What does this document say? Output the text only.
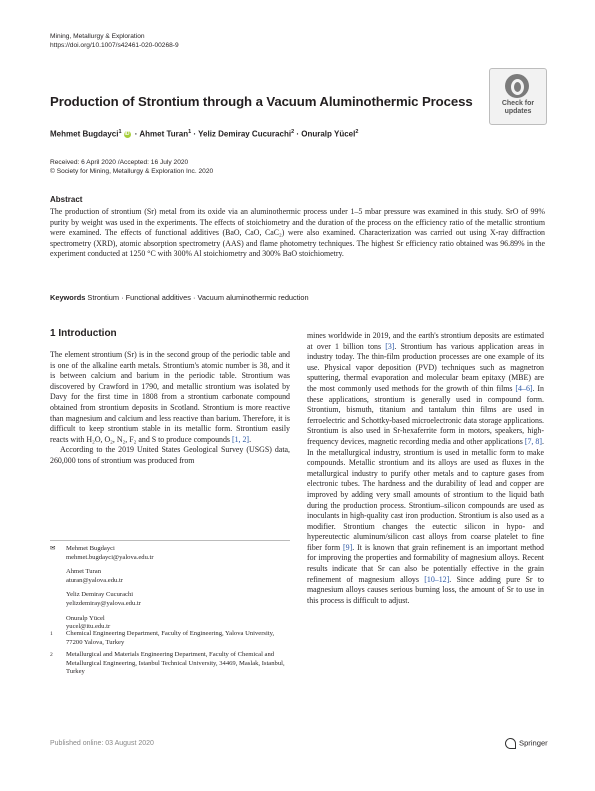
Mining, Metallurgy & Exploration
https://doi.org/10.1007/s42461-020-00268-9
Production of Strontium through a Vacuum Aluminothermic Process	Check for
updates
Mehmet Bugdayci$^1$ iD · Ahmet Turan$^1$ · Yeliz Demiray Cucurachi$^2$ · Onuralp Yücel$^2$
Received: 6 April 2020 /Accepted: 16 July 2020
© Society for Mining, Metallurgy & Exploration Inc. 2020
Abstract
The production of strontium (Sr) metal from its oxide via an aluminothermic process under 1–5 mbar pressure was examined in this study. SrO of 99% purity by weight was used in the experiments. The effects of stoichiometry and the duration of the process on the efficiency ratio of the metallic strontium were examined. The effects of functional additives (BaO, CaO, CaC₂) were also examined. Characterization was carried out using X-ray diffraction spectrometry (XRD), atomic absorption spectrometry (AAS) and flame photometry techniques. The highest Sr efficiency ratio obtained was 96.89% in the experiment conducted at 1250 °C with 300% Al stoichiometry and 300% BaO stoichiometry.
Keywords Strontium · Functional additives · Vacuum aluminothermic reduction
1 Introduction

The element strontium (Sr) is in the second group of the periodic table and is one of the alkaline earth metals. Strontium's atomic number is 38, and it is between calcium and barium in the periodic table. Strontium was discovered by Crawford in 1790, and metallic strontium was isolated by Davy for the first time in 1808 from a strontium carbonate compound obtained from strontium deposits in Scotland. Strontium is more reactive than magnesium and calcium and less reactive than barium. Therefore, it is difficult to keep strontium stable in its metallic form. Strontium easily reacts with H₂O, O₂, N₂, F₂ and S to produce compounds [1, 2].

According to the 2019 United States Geological Survey (USGS) data, 260,000 tons of strontium was produced from

mines worldwide in 2019, and the earth's strontium deposits are estimated at over 1 billion tons [3]. Strontium has various application areas in industry today. The thin-film production processes are one example of its use. Physical vapor deposition (PVD) techniques such as magnetron sputtering, thermal evaporation and molecular beam epitaxy (MBE) are the most commonly used methods for the growth of thin films [4–6]. In these applications, strontium is generally used in compound form. Strontium, bismuth, titanium and tantalum thin films are used in ferroelectric and Schottky-based microelectronic data storage applications. Strontium is also used in Sr-hexaferrite form in motors, speakers, high-frequency devices, magnetic recording media and other applications [7, 8]. In the metallurgical industry, strontium is used in metallic form to make compounds. Metallic strontium and its alloys are used as fluxes in the metallurgical industry to purify other metals and to capture gases from electronic tubes. The hardness and the durability of lead and copper are improved by adding very small amounts of strontium to the liquid bath during the production process. Strontium–silicon compounds are used as inoculants in high-quality cast iron production. Strontium is also used as a modifier. Strontium changes the eutectic silicon in hypo- and hypereutectic aluminum/silicon cast alloys from coarse platelet to fine fiber form [9]. It is known that grain refinement is an important method for improving the properties and formability of magnesium alloys. Recent results indicate that Sr can also be potentially effective in the grain refinement of magnesium alloys [10–12]. Since adding pure Sr to magnesium alloys causes serious burning loss, the amount of Sr to use in this process is difficult to adjust.

✉ Mehmet Bugdayci
mehmet.bugdayci@yalova.edu.tr
Ahmet Turan
aturan@yalova.edu.tr
Yeliz Demiray Cucurachi
yelizdemiray@yalova.edu.tr
Onuralp Yücel
yucel@itu.edu.tr
1 Chemical Engineering Department, Faculty of Engineering, Yalova University, 77200 Yalova, Turkey
2 Metallurgical and Materials Engineering Department, Faculty of Chemical and Metallurgical Engineering, Istanbul Technical University, 34469, Maslak, Istanbul, Turkey
Published online: 03 August 2020	Springer
